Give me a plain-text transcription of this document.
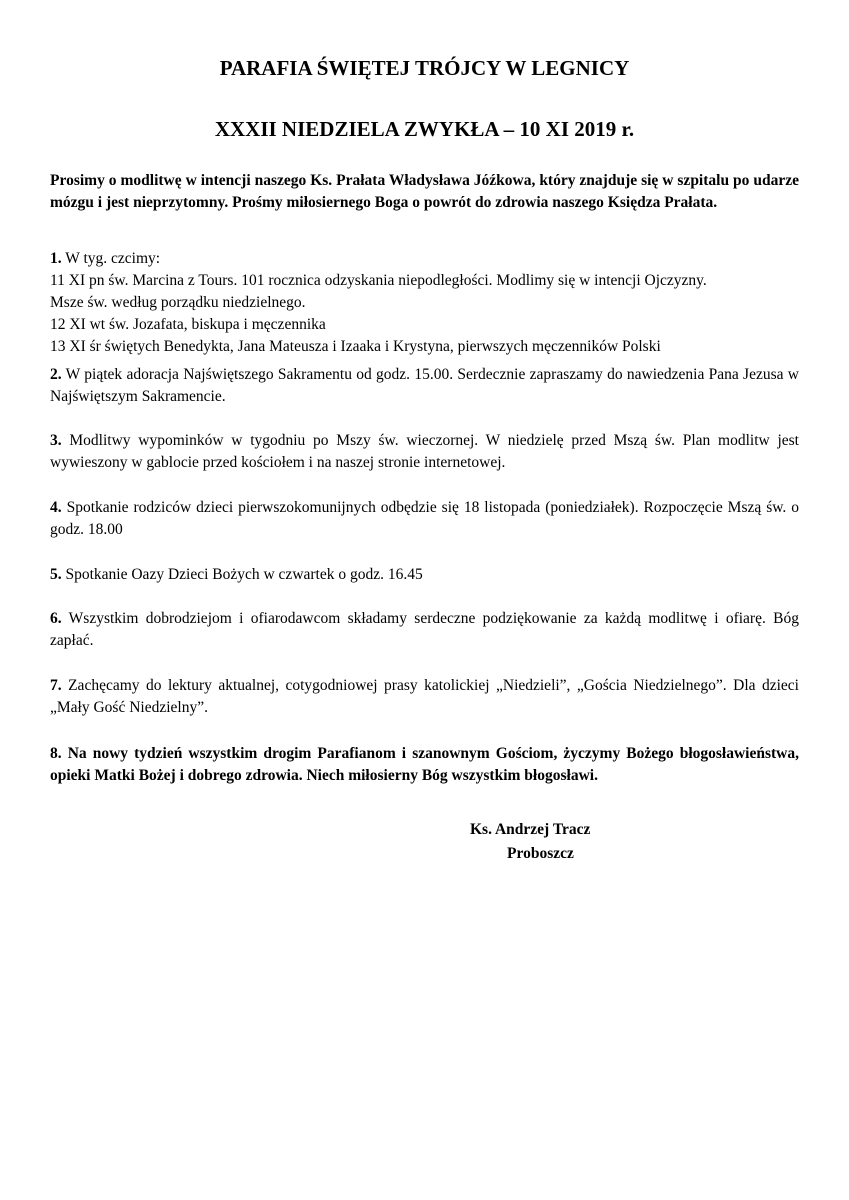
PARAFIA ŚWIĘTEJ TRÓJCY W LEGNICY
XXXII NIEDZIELA ZWYKŁA – 10 XI 2019 r.
Prosimy o modlitwę w intencji naszego Ks. Prałata Władysława Jóźkowa, który znajduje się w szpitalu po udarze mózgu i jest nieprzytomny. Prośmy miłosiernego Boga o powrót do zdrowia naszego Księdza Prałata.
1. W tyg. czcimy:
11 XI pn św. Marcina z Tours. 101 rocznica odzyskania niepodległości. Modlimy się w intencji Ojczyzny.
Msze św. według porządku niedzielnego.
12 XI wt św. Jozafata, biskupa i męczennika
13 XI śr świętych Benedykta, Jana Mateusza i Izaaka i Krystyna, pierwszych męczenników Polski
2. W piątek adoracja Najświętszego Sakramentu od godz. 15.00. Serdecznie zapraszamy do nawiedzenia Pana Jezusa w Najświętszym Sakramencie.
3. Modlitwy wypominków w tygodniu po Mszy św. wieczornej. W niedzielę przed Mszą św. Plan modlitw jest wywieszony w gablocie przed kościołem i na naszej stronie internetowej.
4. Spotkanie rodziców dzieci pierwszokomunijnych odbędzie się 18 listopada (poniedziałek). Rozpoczęcie Mszą św. o godz. 18.00
5. Spotkanie Oazy Dzieci Bożych w czwartek o godz. 16.45
6. Wszystkim dobrodziejom i ofiarodawcom składamy serdeczne podziękowanie za każdą modlitwę i ofiarę. Bóg zapłać.
7. Zachęcamy do lektury aktualnej, cotygodniowej prasy katolickiej „Niedzieli”, „Gościa Niedzielnego”. Dla dzieci „Mały Gość Niedzielny”.
8. Na nowy tydzień wszystkim drogim Parafianom i szanownym Gościom, życzymy Bożego błogosławieństwa, opieki Matki Bożej i dobrego zdrowia. Niech miłosierny Bóg wszystkim błogosławi.
Ks. Andrzej Tracz
Proboszcz
